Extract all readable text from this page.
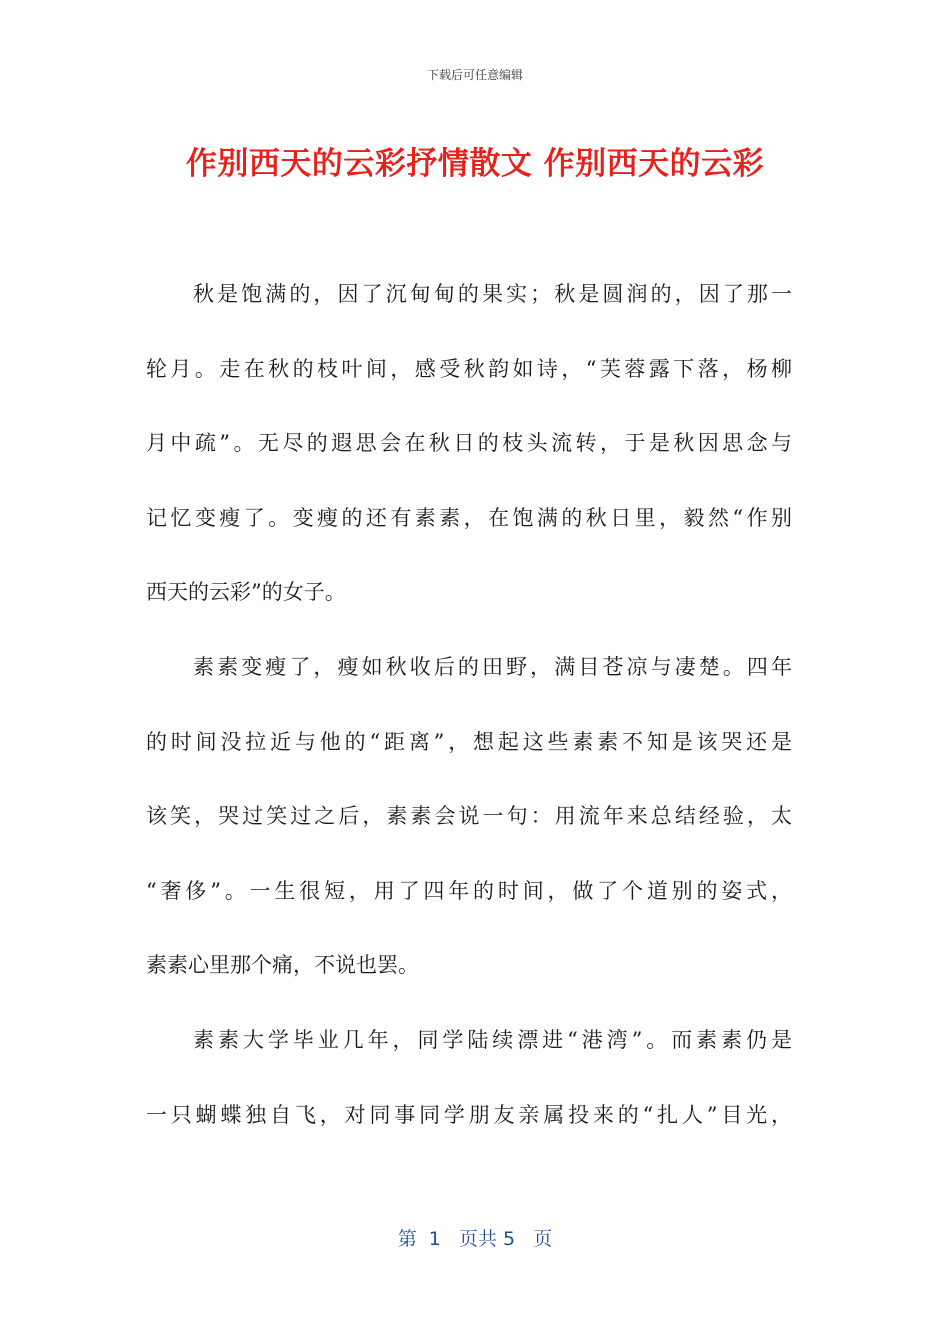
下载后可任意编辑
作别西天的云彩抒情散文 作别西天的云彩
秋是饱满的，因了沉甸甸的果实；秋是圆润的，因了那一
轮月。走在秋的枝叶间，感受秋韵如诗，“芙蓉露下落，杨柳
月中疏”。无尽的遐思会在秋日的枝头流转，于是秋因思念与
记忆变瘦了。变瘦的还有素素，在饱满的秋日里，毅然“作别
西天的云彩”的女子。
素素变瘦了，瘦如秋收后的田野，满目苍凉与凄楚。四年
的时间没拉近与他的“距离”，想起这些素素不知是该哭还是
该笑，哭过笑过之后，素素会说一句：用流年来总结经验，太
“奢侈”。一生很短，用了四年的时间，做了个道别的姿式，
素素心里那个痛，不说也罢。
素素大学毕业几年，同学陆续漂进“港湾”。而素素仍是
一只蝴蝶独自飞，对同事同学朋友亲属投来的“扎人”目光，
第  1   页共 5   页
